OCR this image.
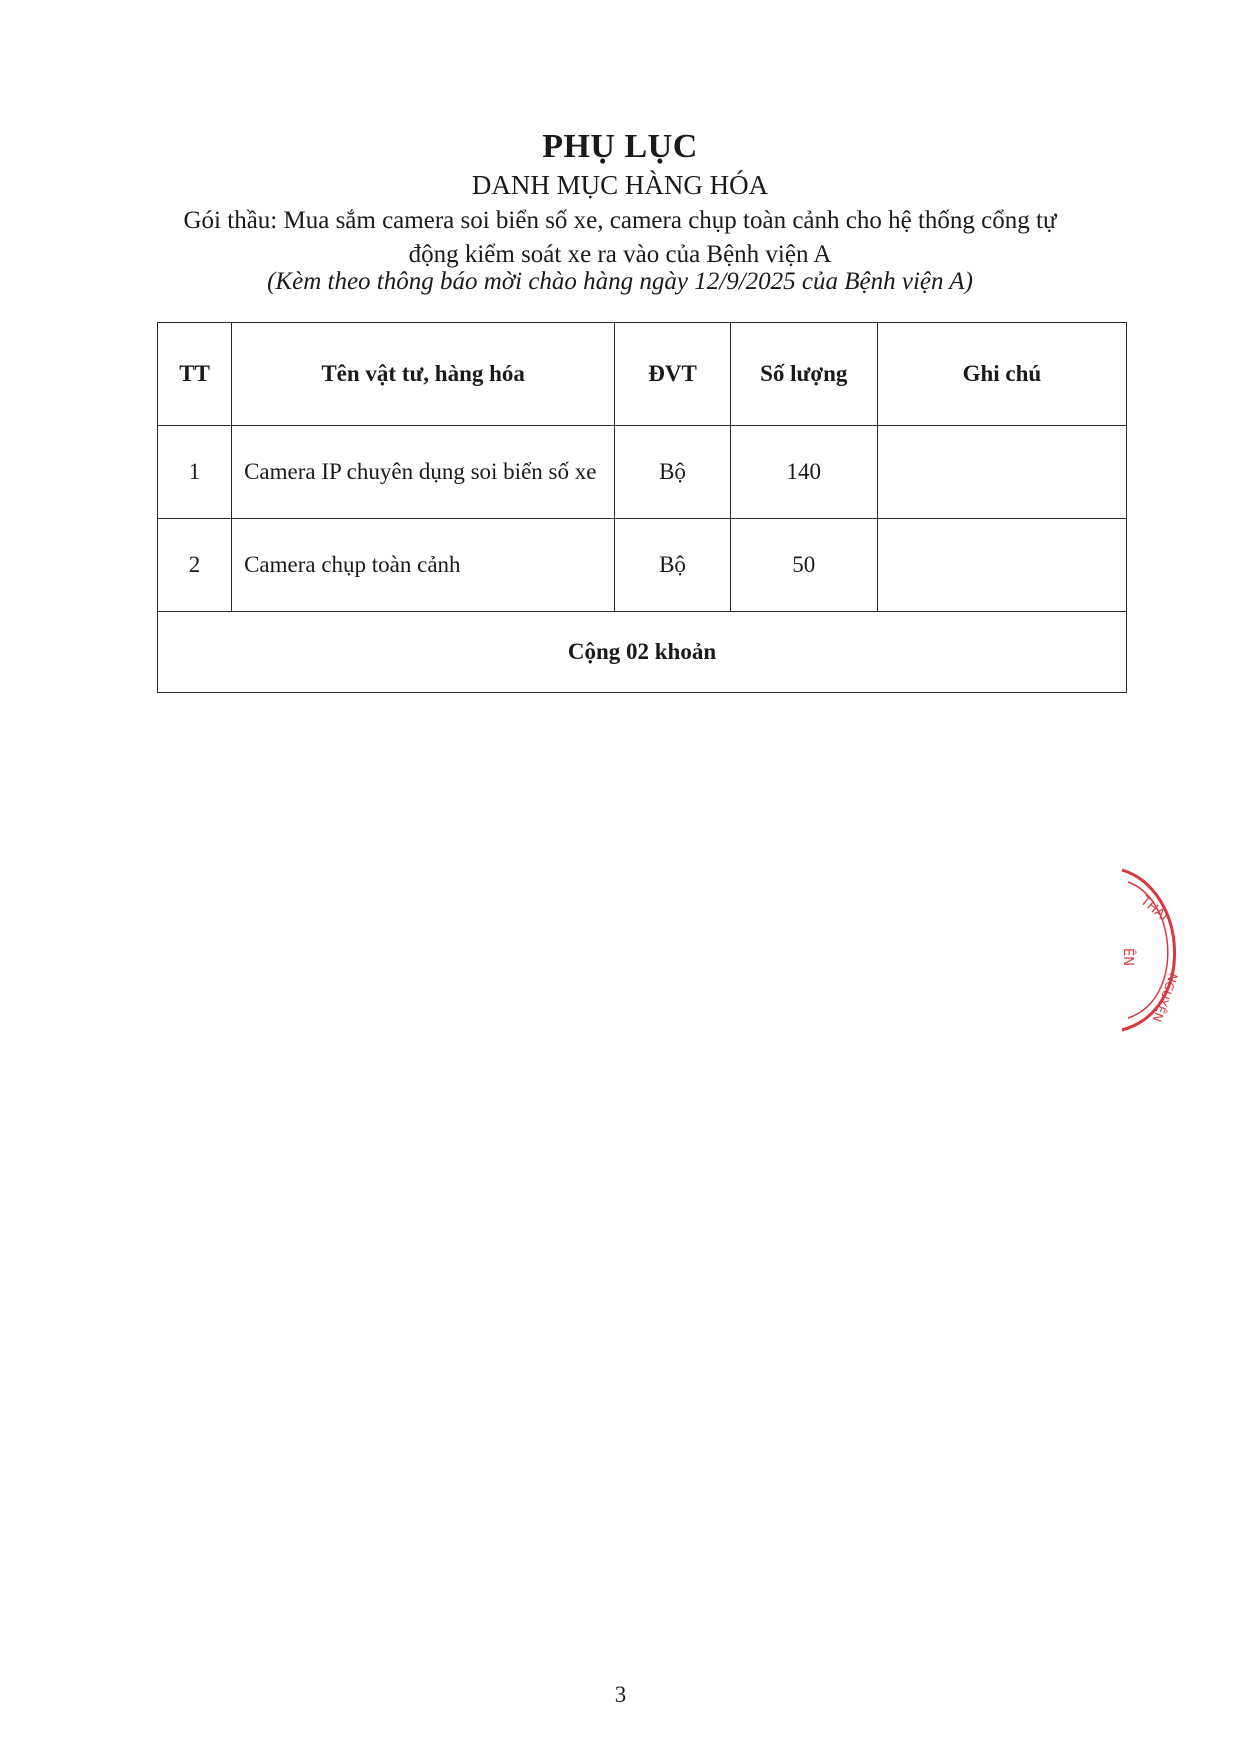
PHỤ LỤC
DANH MỤC HÀNG HÓA
Gói thầu: Mua sắm camera soi biển số xe, camera chụp toàn cảnh cho hệ thống cổng tự
động kiểm soát xe ra vào của Bệnh viện A
(Kèm theo thông báo mời chào hàng ngày 12/9/2025 của Bệnh viện A)
TT	Tên vật tư, hàng hóa	ĐVT	Số lượng	Ghi chú
1	Camera IP chuyên dụng soi biển số xe	Bộ	140	
2	Camera chụp toàn cảnh	Bộ	50	
Cộng 02 khoản				
THÁI
ÊN
NGUYÊN
3
